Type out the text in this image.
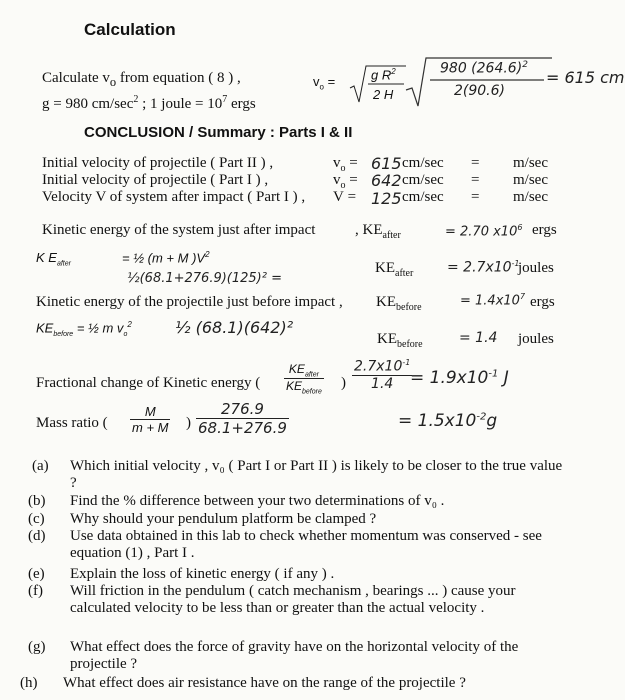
Calculation
Calculate $v_o$ from equation ( 8 ) ,
g = 980 $cm/\sec^2$ ; 1 joule = $10^7$ ergs
$v_o$ =	g $R^2$
2 H
980 $(264.6)^2$
2(90.6)
= 615 cm
CONCLUSION / Summary : Parts I & II
Initial velocity of projectile ( Part II ) ,	$v_o = 615$ cm/sec = m/sec
Initial velocity of projectile ( Part I ) ,	$v_o = 642$ cm/sec = m/sec
Velocity V of system after impact ( Part I ) , V = 125 cm/sec = m/sec
Kinetic energy of the system just after impact	, $KE_{after}$	= 2.70 $x10^6$ ergs
K $E_{after}$	= ½ (m + M )$V^2$
½(68.1+276.9)(125)² =
$KE_{after} = 2.7x10^{-1}$
joules
Kinetic energy of the projectile just before impact , $KE_{before}$	= $1.4x10^7$ ergs
$KE_{before}$ = ½ m $v_o^2$	½ (68.1)(642)²
$KE_{before}$	= 1.4 joules
Fractional change of Kinetic energy ( $\frac{KE_{after}}{KE_{before}}$ ) $\frac{2.7x10^{-1}}{1.4}$
= $1.9x10^{-1}$ J
Mass ratio ( $\frac{M}{m + M}$ ) $\frac{276.9}{68.1+276.9}$	= $1.5x10^{-2}g$
(a) Which initial velocity , v₀ ( Part I or Part II ) is likely to be closer to the true value ?
(b) Find the % difference between your two determinations of v₀ .
(c) Why should your pendulum platform be clamped ?
(d) Use data obtained in this lab to check whether momentum was conserved - see equation (1) , Part I .
(e) Explain the loss of kinetic energy ( if any ) .
(f) Will friction in the pendulum ( catch mechanism , bearings ... ) cause your calculated velocity to be less than or greater than the actual velocity .
(g) What effect does the force of gravity have on the horizontal velocity of the projectile ?
(h) What effect does air resistance have on the range of the projectile ?
